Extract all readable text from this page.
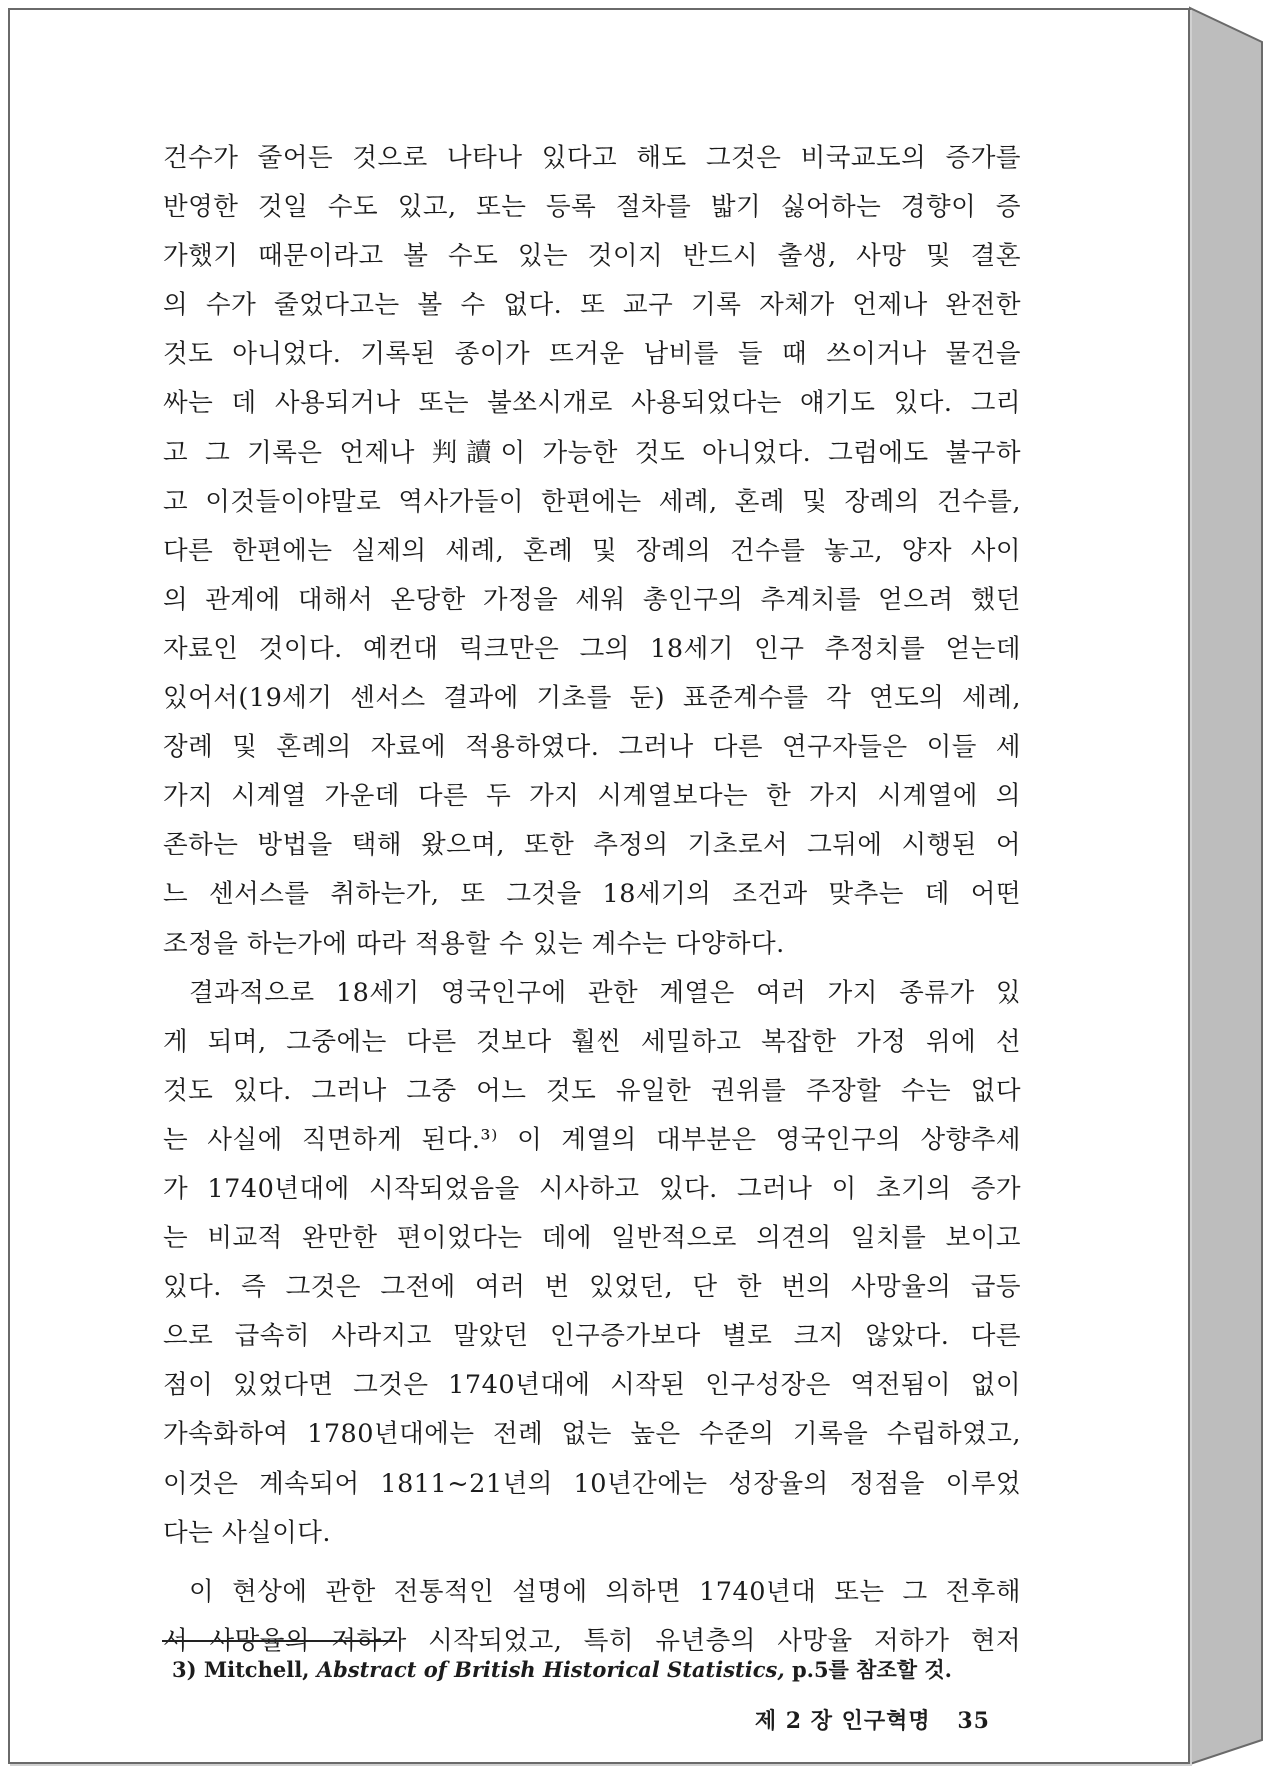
건수가 줄어든 것으로 나타나 있다고 해도 그것은 비국교도의 증가를
반영한 것일 수도 있고, 또는 등록 절차를 밟기 싫어하는 경향이 증
가했기 때문이라고 볼 수도 있는 것이지 반드시 출생, 사망 및 결혼
의 수가 줄었다고는 볼 수 없다. 또 교구 기록 자체가 언제나 완전한
것도 아니었다. 기록된 종이가 뜨거운 남비를 들 때 쓰이거나 물건을
싸는 데 사용되거나 또는 불쏘시개로 사용되었다는 얘기도 있다. 그리
고 그 기록은 언제나 判讀이 가능한 것도 아니었다. 그럼에도 불구하
고 이것들이야말로 역사가들이 한편에는 세례, 혼례 및 장례의 건수를,
다른 한편에는 실제의 세례, 혼례 및 장례의 건수를 놓고, 양자 사이
의 관계에 대해서 온당한 가정을 세워 총인구의 추계치를 얻으려 했던
자료인 것이다. 예컨대 릭크만은 그의 18세기 인구 추정치를 얻는데
있어서(19세기 센서스 결과에 기초를 둔) 표준계수를 각 연도의 세례,
장례 및 혼례의 자료에 적용하였다. 그러나 다른 연구자들은 이들 세
가지 시계열 가운데 다른 두 가지 시계열보다는 한 가지 시계열에 의
존하는 방법을 택해 왔으며, 또한 추정의 기초로서 그뒤에 시행된 어
느 센서스를 취하는가, 또 그것을 18세기의 조건과 맞추는 데 어떤
조정을 하는가에 따라 적용할 수 있는 계수는 다양하다.
결과적으로 18세기 영국인구에 관한 계열은 여러 가지 종류가 있
게 되며, 그중에는 다른 것보다 훨씬 세밀하고 복잡한 가정 위에 선
것도 있다. 그러나 그중 어느 것도 유일한 권위를 주장할 수는 없다
는 사실에 직면하게 된다.³⁾ 이 계열의 대부분은 영국인구의 상향추세
가 1740년대에 시작되었음을 시사하고 있다. 그러나 이 초기의 증가
는 비교적 완만한 편이었다는 데에 일반적으로 의견의 일치를 보이고
있다. 즉 그것은 그전에 여러 번 있었던, 단 한 번의 사망율의 급등
으로 급속히 사라지고 말았던 인구증가보다 별로 크지 않았다. 다른
점이 있었다면 그것은 1740년대에 시작된 인구성장은 역전됨이 없이
가속화하여 1780년대에는 전례 없는 높은 수준의 기록을 수립하였고,
이것은 계속되어 1811~21년의 10년간에는 성장율의 정점을 이루었
다는 사실이다.
이 현상에 관한 전통적인 설명에 의하면 1740년대 또는 그 전후해
서 사망율의 저하가 시작되었고, 특히 유년층의 사망율 저하가 현저
3) Mitchell, Abstract of British Historical Statistics, p.5를 참조할 것.
제 2 장 인구혁명 35
